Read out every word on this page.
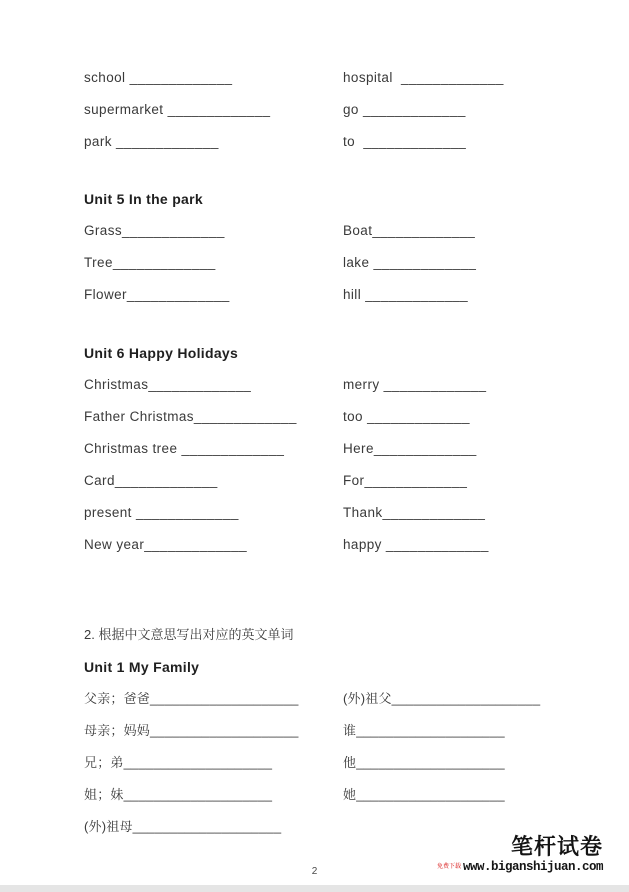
school _____________	hospital  _____________
supermarket _____________	go _____________
park _____________	to  _____________
Unit 5 In the park
Grass_____________	Boat_____________
Tree_____________	lake _____________
Flower_____________	hill _____________
Unit 6 Happy Holidays
Christmas_____________	merry _____________
Father Christmas_____________	too _____________
Christmas tree _____________	Here_____________
Card_____________	For_____________
present _____________	Thank_____________
New year_____________	happy _____________
2. 根据中文意思写出对应的英文单词
Unit 1 My Family
父亲；爸爸____________________	(外)祖父____________________
母亲；妈妈____________________	谁____________________
兄；弟____________________	他____________________
姐；妹____________________	她____________________
(外)祖母____________________
笔杆试卷
免费下载 www.biganshijuan.com
2
